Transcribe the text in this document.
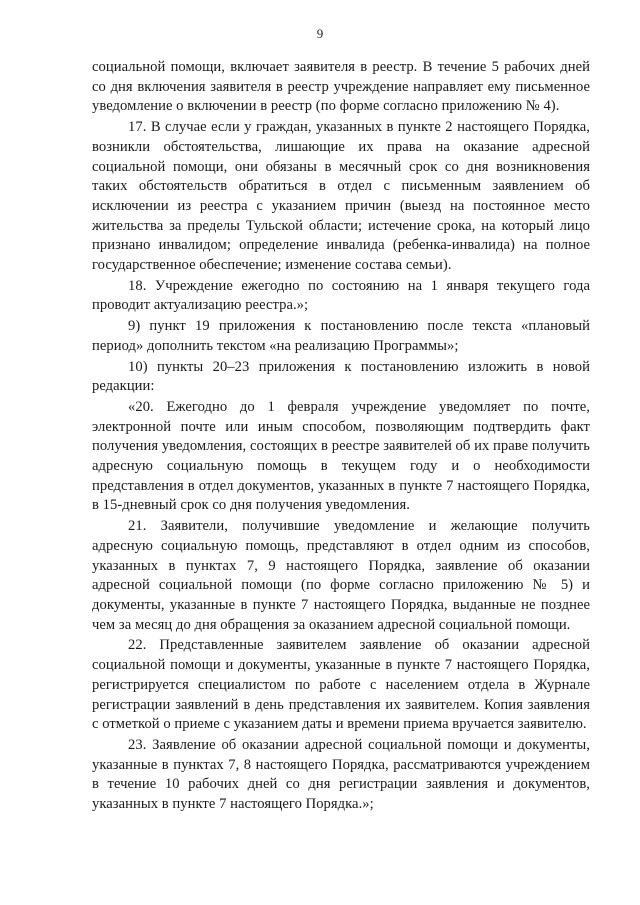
9

социальной помощи, включает заявителя в реестр. В течение 5 рабочих дней со дня включения заявителя в реестр учреждение направляет ему письменное уведомление о включении в реестр (по форме согласно приложению № 4).

17. В случае если у граждан, указанных в пункте 2 настоящего Порядка, возникли обстоятельства, лишающие их права на оказание адресной социальной помощи, они обязаны в месячный срок со дня возникновения таких обстоятельств обратиться в отдел с письменным заявлением об исключении из реестра с указанием причин (выезд на постоянное место жительства за пределы Тульской области; истечение срока, на который лицо признано инвалидом; определение инвалида (ребенка-инвалида) на полное государственное обеспечение; изменение состава семьи).

18. Учреждение ежегодно по состоянию на 1 января текущего года проводит актуализацию реестра.»;

9) пункт 19 приложения к постановлению после текста «плановый период» дополнить текстом «на реализацию Программы»;

10) пункты 20–23 приложения к постановлению изложить в новой редакции:

«20. Ежегодно до 1 февраля учреждение уведомляет по почте, электронной почте или иным способом, позволяющим подтвердить факт получения уведомления, состоящих в реестре заявителей об их праве получить адресную социальную помощь в текущем году и о необходимости представления в отдел документов, указанных в пункте 7 настоящего Порядка, в 15-дневный срок со дня получения уведомления.

21. Заявители, получившие уведомление и желающие получить адресную социальную помощь, представляют в отдел одним из способов, указанных в пунктах 7, 9 настоящего Порядка, заявление об оказании адресной социальной помощи (по форме согласно приложению № 5) и документы, указанные в пункте 7 настоящего Порядка, выданные не позднее чем за месяц до дня обращения за оказанием адресной социальной помощи.

22. Представленные заявителем заявление об оказании адресной социальной помощи и документы, указанные в пункте 7 настоящего Порядка, регистрируется специалистом по работе с населением отдела в Журнале регистрации заявлений в день представления их заявителем. Копия заявления с отметкой о приеме с указанием даты и времени приема вручается заявителю.

23. Заявление об оказании адресной социальной помощи и документы, указанные в пунктах 7, 8 настоящего Порядка, рассматриваются учреждением в течение 10 рабочих дней со дня регистрации заявления и документов, указанных в пункте 7 настоящего Порядка.»;
